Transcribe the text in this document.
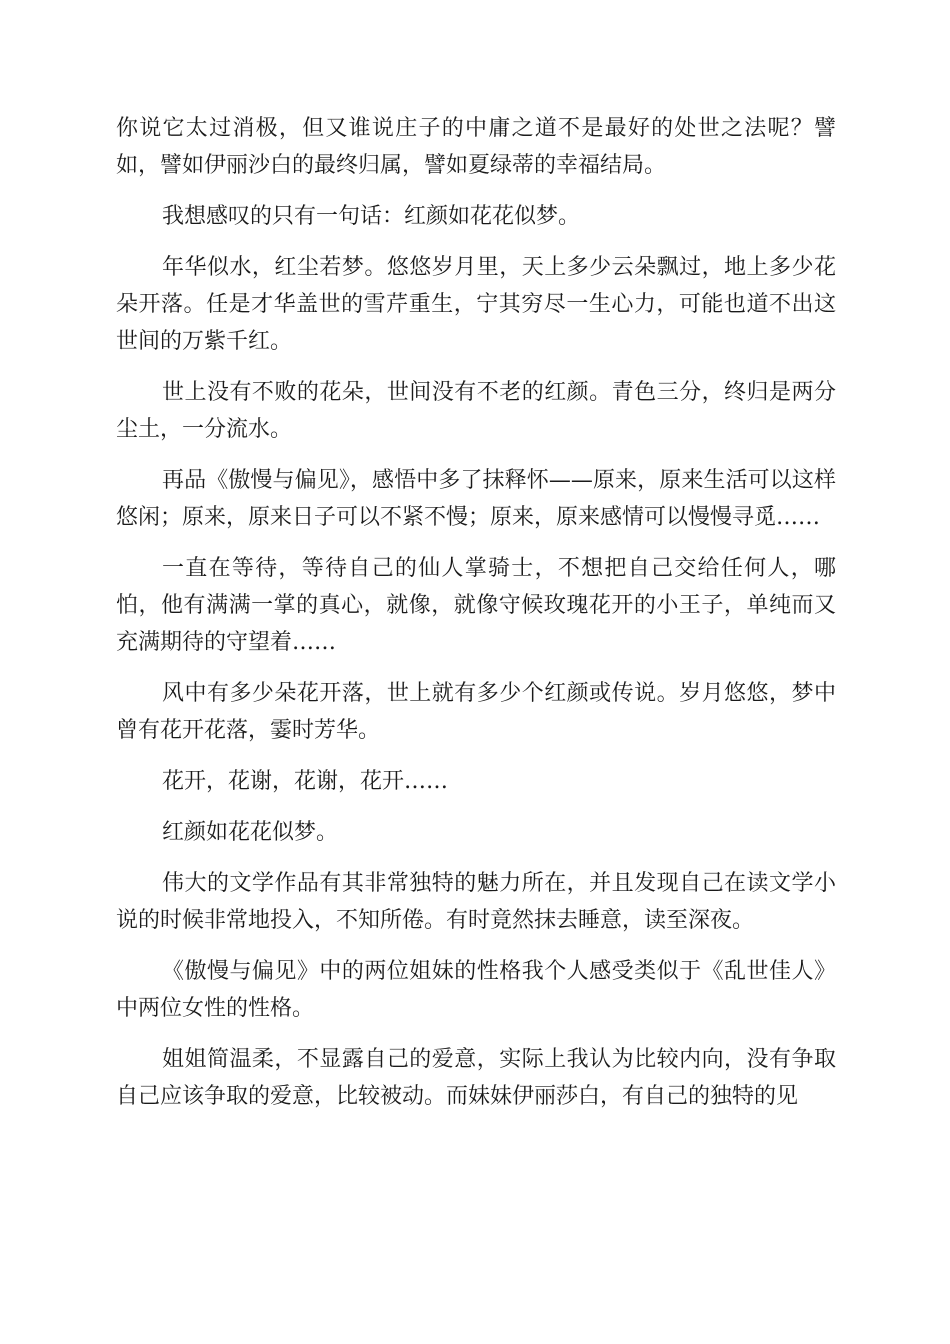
你说它太过消极，但又谁说庄子的中庸之道不是最好的处世之法呢？譬如，譬如伊丽沙白的最终归属，譬如夏绿蒂的幸福结局。

我想感叹的只有一句话：红颜如花花似梦。

年华似水，红尘若梦。悠悠岁月里，天上多少云朵飘过，地上多少花朵开落。任是才华盖世的雪芹重生，宁其穷尽一生心力，可能也道不出这世间的万紫千红。

世上没有不败的花朵，世间没有不老的红颜。青色三分，终归是两分尘土，一分流水。

再品《傲慢与偏见》，感悟中多了抹释怀——原来，原来生活可以这样悠闲；原来，原来日子可以不紧不慢；原来，原来感情可以慢慢寻觅……

一直在等待，等待自己的仙人掌骑士，不想把自己交给任何人，哪怕，他有满满一掌的真心，就像，就像守候玫瑰花开的小王子，单纯而又充满期待的守望着……

风中有多少朵花开落，世上就有多少个红颜或传说。岁月悠悠，梦中曾有花开花落，霎时芳华。

花开，花谢，花谢，花开……

红颜如花花似梦。

伟大的文学作品有其非常独特的魅力所在，并且发现自己在读文学小说的时候非常地投入，不知所倦。有时竟然抹去睡意，读至深夜。

《傲慢与偏见》中的两位姐妹的性格我个人感受类似于《乱世佳人》中两位女性的性格。

姐姐简温柔，不显露自己的爱意，实际上我认为比较内向，没有争取自己应该争取的爱意，比较被动。而妹妹伊丽莎白，有自己的独特的见
